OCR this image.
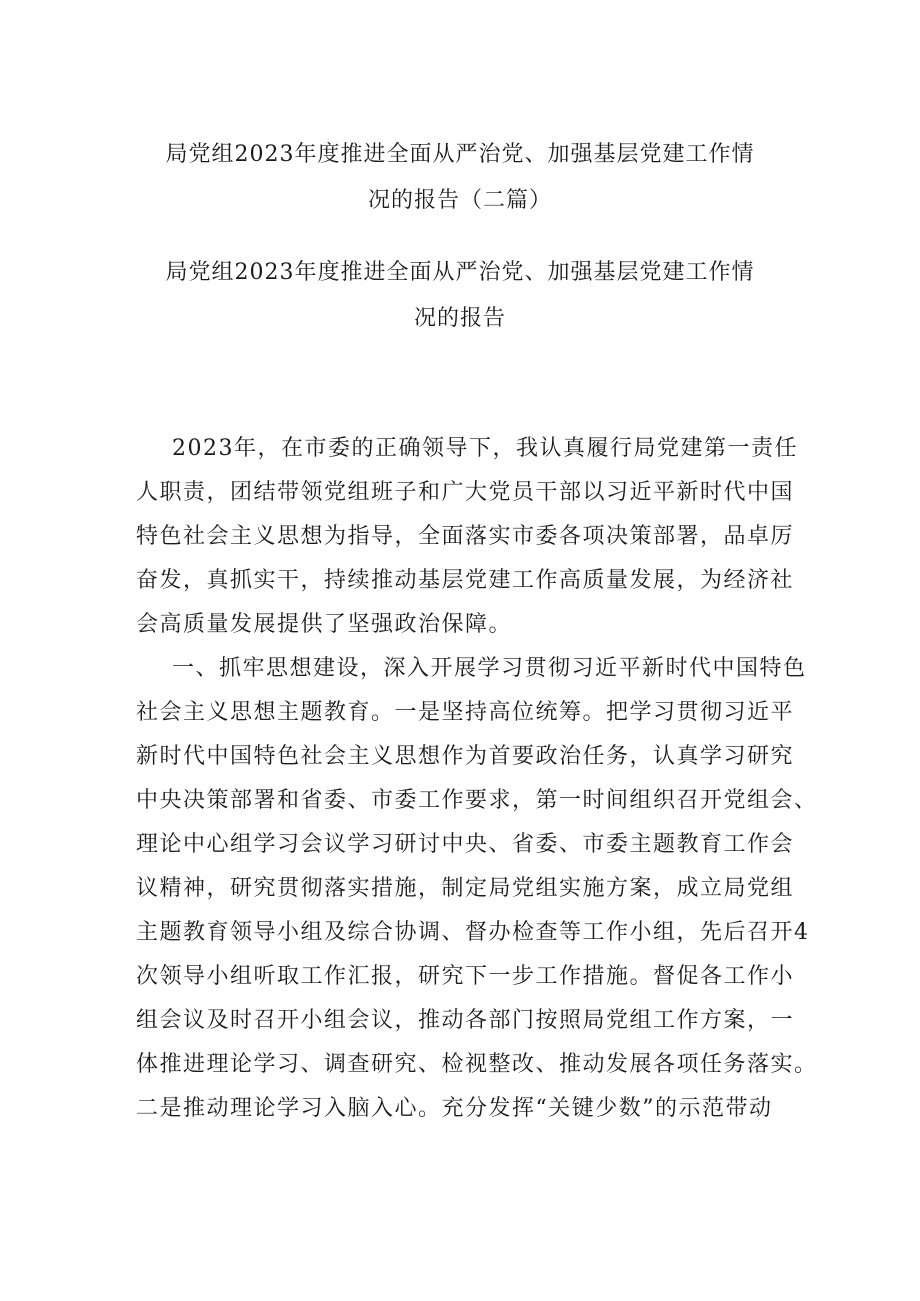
局党组2023年度推进全面从严治党、加强基层党建工作情
况的报告（二篇）
局党组2023年度推进全面从严治党、加强基层党建工作情
况的报告
2023年，在市委的正确领导下，我认真履行局党建第一责任
人职责，团结带领党组班子和广大党员干部以习近平新时代中国
特色社会主义思想为指导，全面落实市委各项决策部署，品卓厉
奋发，真抓实干，持续推动基层党建工作高质量发展，为经济社
会高质量发展提供了坚强政治保障。
一、抓牢思想建设，深入开展学习贯彻习近平新时代中国特色
社会主义思想主题教育。一是坚持高位统筹。把学习贯彻习近平
新时代中国特色社会主义思想作为首要政治任务，认真学习研究
中央决策部署和省委、市委工作要求，第一时间组织召开党组会、
理论中心组学习会议学习研讨中央、省委、市委主题教育工作会
议精神，研究贯彻落实措施，制定局党组实施方案，成立局党组
主题教育领导小组及综合协调、督办检查等工作小组，先后召开4
次领导小组听取工作汇报，研究下一步工作措施。督促各工作小
组会议及时召开小组会议，推动各部门按照局党组工作方案，一
体推进理论学习、调查研究、检视整改、推动发展各项任务落实。
二是推动理论学习入脑入心。充分发挥“关键少数”的示范带动
